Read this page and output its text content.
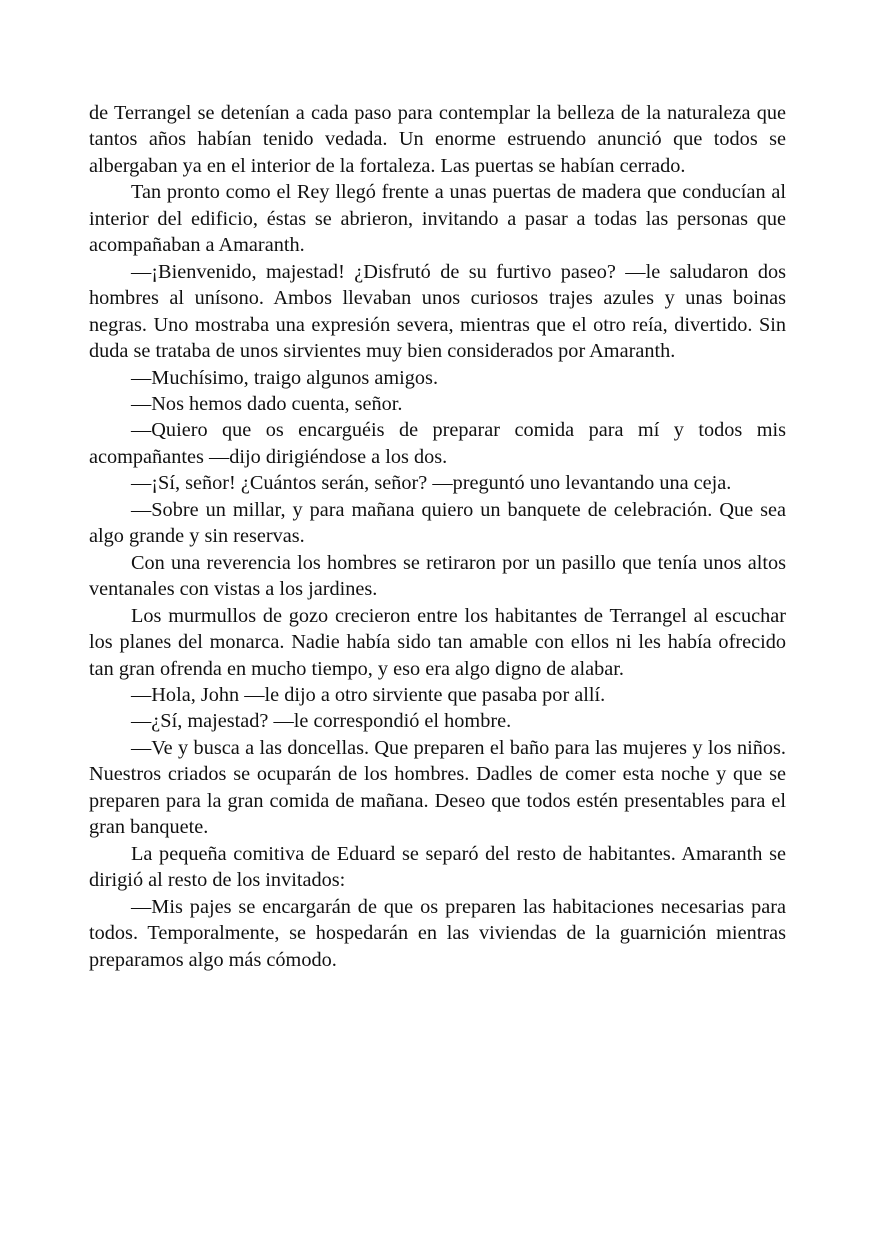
de Terrangel se detenían a cada paso para contemplar la belleza de la naturaleza que tantos años habían tenido vedada. Un enorme estruendo anunció que todos se albergaban ya en el interior de la fortaleza. Las puertas se habían cerrado.

Tan pronto como el Rey llegó frente a unas puertas de madera que conducían al interior del edificio, éstas se abrieron, invitando a pasar a todas las personas que acompañaban a Amaranth.

—¡Bienvenido, majestad! ¿Disfrutó de su furtivo paseo? —le saludaron dos hombres al unísono. Ambos llevaban unos curiosos trajes azules y unas boinas negras. Uno mostraba una expresión severa, mientras que el otro reía, divertido. Sin duda se trataba de unos sirvientes muy bien considerados por Amaranth.

—Muchísimo, traigo algunos amigos.

—Nos hemos dado cuenta, señor.

—Quiero que os encarguéis de preparar comida para mí y todos mis acompañantes —dijo dirigiéndose a los dos.

—¡Sí, señor! ¿Cuántos serán, señor? —preguntó uno levantando una ceja.

—Sobre un millar, y para mañana quiero un banquete de celebración. Que sea algo grande y sin reservas.

Con una reverencia los hombres se retiraron por un pasillo que tenía unos altos ventanales con vistas a los jardines.

Los murmullos de gozo crecieron entre los habitantes de Terrangel al escuchar los planes del monarca. Nadie había sido tan amable con ellos ni les había ofrecido tan gran ofrenda en mucho tiempo, y eso era algo digno de alabar.

—Hola, John —le dijo a otro sirviente que pasaba por allí.

—¿Sí, majestad? —le correspondió el hombre.

—Ve y busca a las doncellas. Que preparen el baño para las mujeres y los niños. Nuestros criados se ocuparán de los hombres. Dadles de comer esta noche y que se preparen para la gran comida de mañana. Deseo que todos estén presentables para el gran banquete.

La pequeña comitiva de Eduard se separó del resto de habitantes. Amaranth se dirigió al resto de los invitados:

—Mis pajes se encargarán de que os preparen las habitaciones necesarias para todos. Temporalmente, se hospedarán en las viviendas de la guarnición mientras preparamos algo más cómodo.
